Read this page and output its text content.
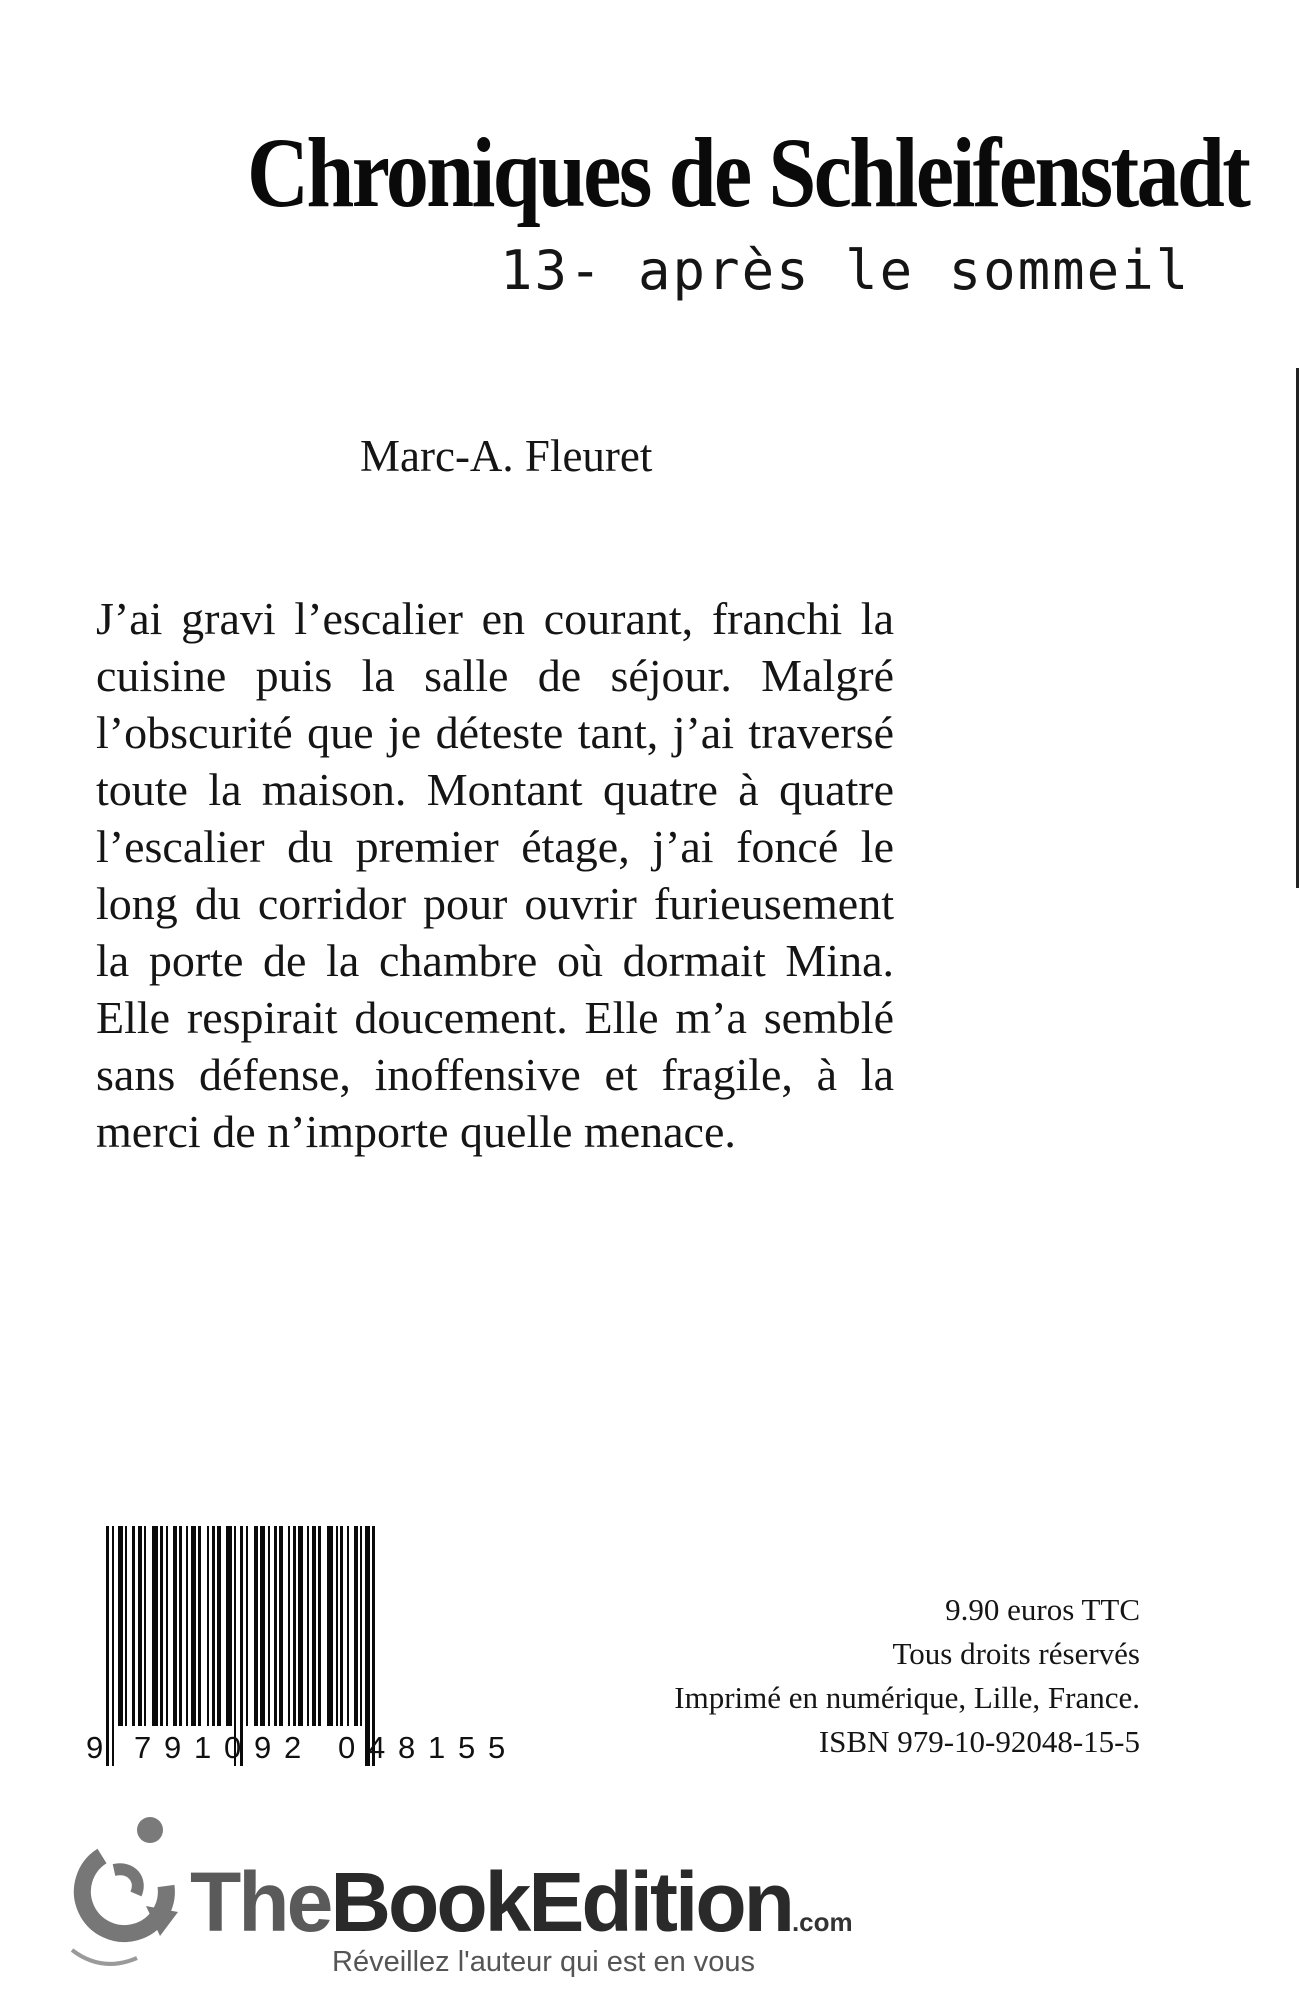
Chroniques de Schleifenstadt
13- après le sommeil
Marc-A. Fleuret
J’ai gravi l’escalier en courant, franchi la cuisine puis la salle de séjour. Malgré l’obscurité que je déteste tant, j’ai traversé toute la maison. Montant quatre à quatre l’escalier du premier étage, j’ai foncé le long du corridor pour ouvrir furieusement la porte de la chambre où dormait Mina. Elle respirait doucement. Elle m’a semblé sans défense, inoffensive et fragile, à la merci de n’importe quelle menace.
9 7 9 1 0 9 2 0 4 8 1 5 5
9.90 euros TTC
Tous droits réservés
Imprimé en numérique, Lille, France.
ISBN 979-10-92048-15-5
TheBookEdition.com
Réveillez l'auteur qui est en vous
